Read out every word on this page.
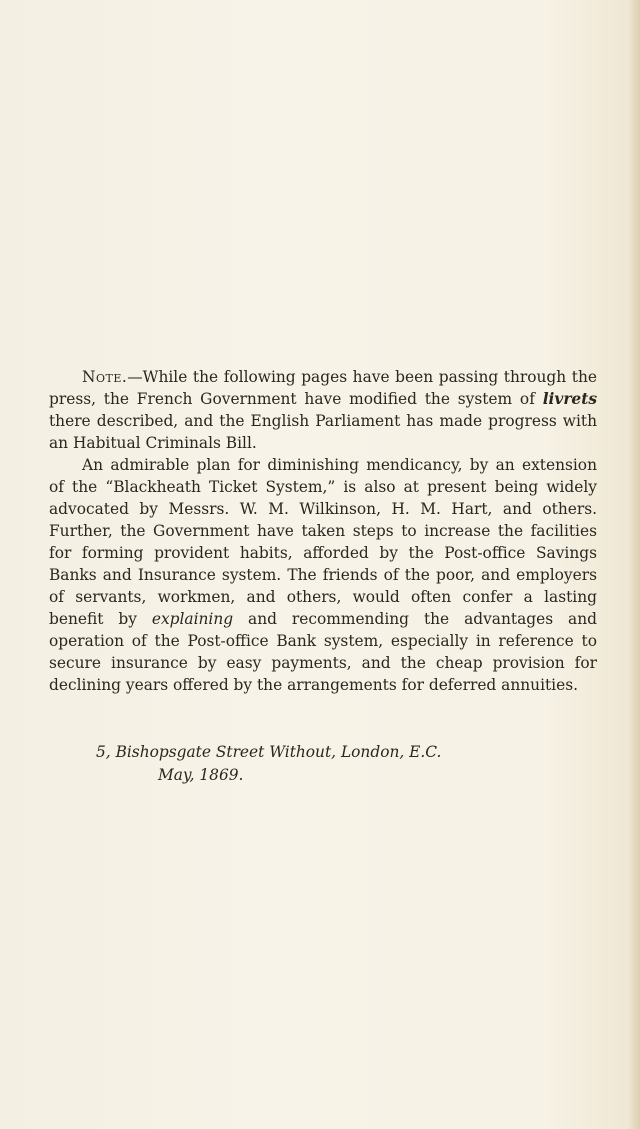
Note.—While the following pages have been passing through the press, the French Government have modified the system of livrets there described, and the English Parliament has made progress with an Habitual Criminals Bill.

An admirable plan for diminishing mendicancy, by an extension of the “Blackheath Ticket System,” is also at present being widely advocated by Messrs. W. M. Wilkinson, H. M. Hart, and others. Further, the Government have taken steps to increase the facilities for forming provident habits, afforded by the Post-office Savings Banks and Insurance system. The friends of the poor, and employers of servants, workmen, and others, would often confer a lasting benefit by explaining and recommending the advantages and operation of the Post-office Bank system, especially in reference to secure insurance by easy payments, and the cheap provision for declining years offered by the arrangements for deferred annuities.

5, Bishopsgate Street Without, London, E.C.
May, 1869.
